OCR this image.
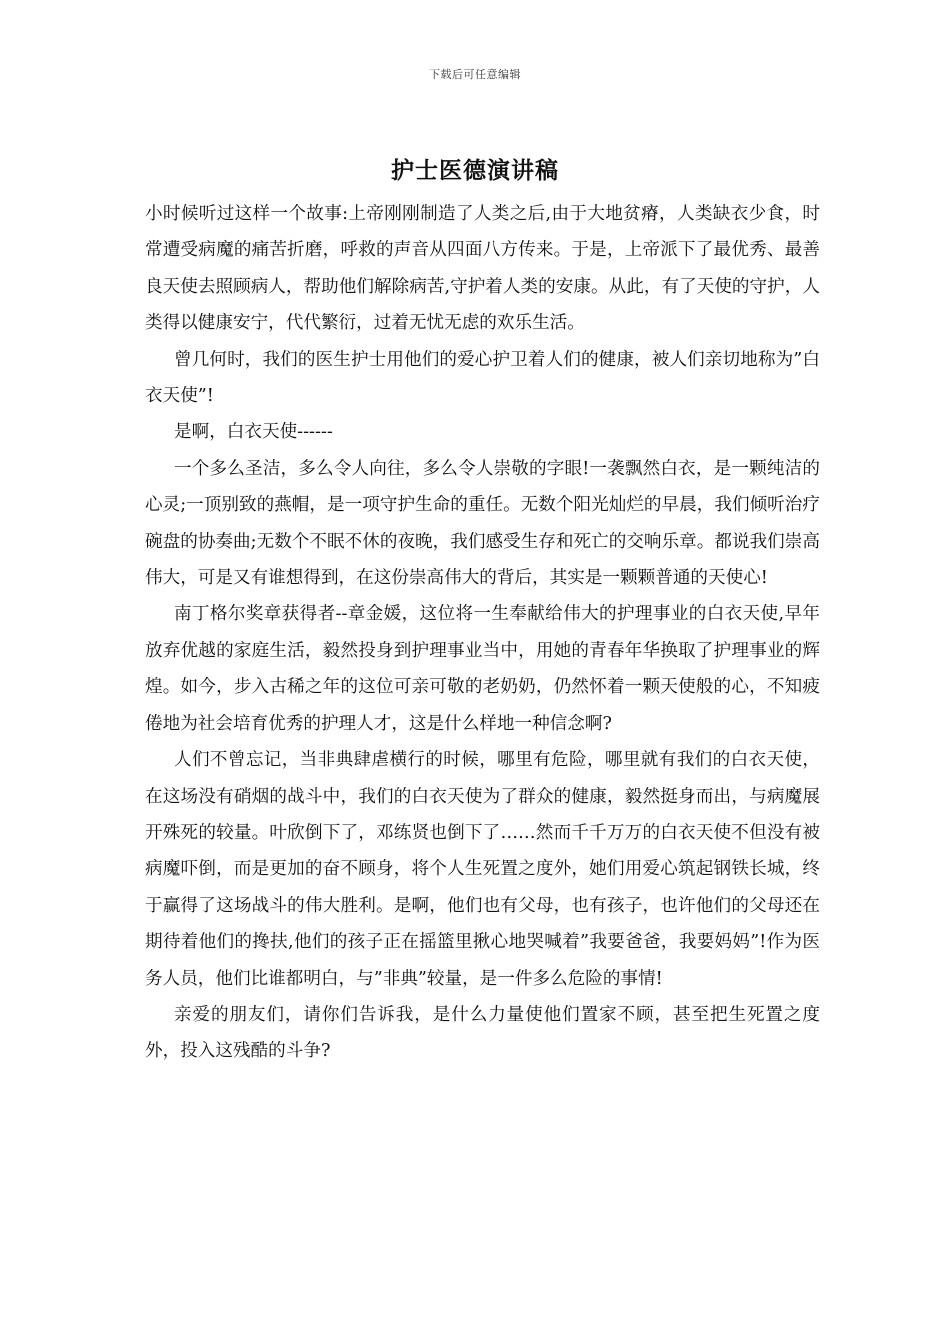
下载后可任意编辑
护士医德演讲稿

小时候听过这样一个故事:上帝刚刚制造了人类之后,由于大地贫瘠，人类缺衣少食，时常遭受病魔的痛苦折磨，呼救的声音从四面八方传来。于是，上帝派下了最优秀、最善良天使去照顾病人，帮助他们解除病苦,守护着人类的安康。从此，有了天使的守护，人类得以健康安宁，代代繁衍，过着无忧无虑的欢乐生活。

曾几何时，我们的医生护士用他们的爱心护卫着人们的健康，被人们亲切地称为”白衣天使”!

是啊，白衣天使------

一个多么圣洁，多么令人向往，多么令人崇敬的字眼!一袭飘然白衣，是一颗纯洁的心灵;一顶别致的燕帽，是一项守护生命的重任。无数个阳光灿烂的早晨，我们倾听治疗碗盘的协奏曲;无数个不眠不休的夜晚，我们感受生存和死亡的交响乐章。都说我们崇高伟大，可是又有谁想得到，在这份崇高伟大的背后，其实是一颗颗普通的天使心!

南丁格尔奖章获得者--章金媛，这位将一生奉献给伟大的护理事业的白衣天使,早年放弃优越的家庭生活，毅然投身到护理事业当中，用她的青春年华换取了护理事业的辉煌。如今，步入古稀之年的这位可亲可敬的老奶奶，仍然怀着一颗天使般的心，不知疲倦地为社会培育优秀的护理人才，这是什么样地一种信念啊?

人们不曾忘记，当非典肆虐横行的时候，哪里有危险，哪里就有我们的白衣天使，在这场没有硝烟的战斗中，我们的白衣天使为了群众的健康，毅然挺身而出，与病魔展开殊死的较量。叶欣倒下了，邓练贤也倒下了……然而千千万万的白衣天使不但没有被病魔吓倒，而是更加的奋不顾身，将个人生死置之度外，她们用爱心筑起钢铁长城，终于赢得了这场战斗的伟大胜利。是啊，他们也有父母，也有孩子，也许他们的父母还在期待着他们的搀扶,他们的孩子正在摇篮里揪心地哭喊着”我要爸爸，我要妈妈”!作为医务人员，他们比谁都明白，与”非典”较量，是一件多么危险的事情!

亲爱的朋友们，请你们告诉我，是什么力量使他们置家不顾，甚至把生死置之度外，投入这残酷的斗争?
